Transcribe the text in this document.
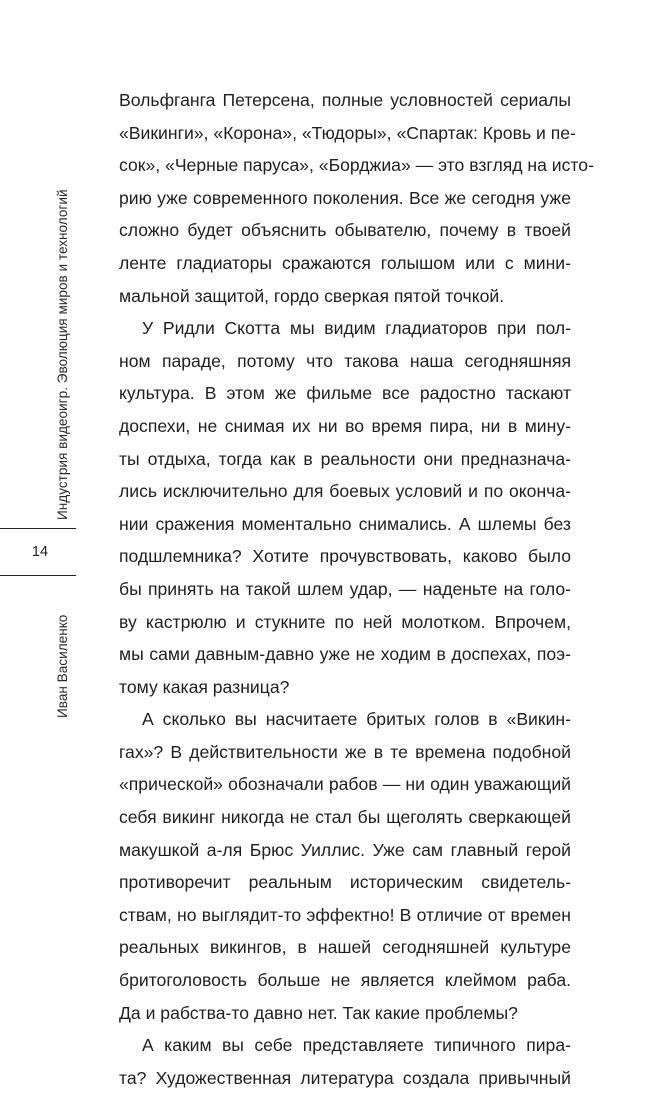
Индустрия видеоигр. Эволюция миров и технологий
14
Иван Василенко
Вольфганга Петерсена, полные условностей сериалы
«Викинги», «Корона», «Тюдоры», «Спартак: Кровь и пе-
сок», «Черные паруса», «Борджиа» — это взгляд на исто-
рию уже современного поколения. Все же сегодня уже
сложно будет объяснить обывателю, почему в твоей
ленте гладиаторы сражаются голышом или с мини-
мальной защитой, гордо сверкая пятой точкой.
У Ридли Скотта мы видим гладиаторов при пол-
ном параде, потому что такова наша сегодняшняя
культура. В этом же фильме все радостно таскают
доспехи, не снимая их ни во время пира, ни в мину-
ты отдыха, тогда как в реальности они предназнача-
лись исключительно для боевых условий и по оконча-
нии сражения моментально снимались. А шлемы без
подшлемника? Хотите прочувствовать, каково было
бы принять на такой шлем удар, — наденьте на голо-
ву кастрюлю и стукните по ней молотком. Впрочем,
мы сами давным-давно уже не ходим в доспехах, поэ-
тому какая разница?
А сколько вы насчитаете бритых голов в «Викин-
гах»? В действительности же в те времена подобной
«прической» обозначали рабов — ни один уважающий
себя викинг никогда не стал бы щеголять сверкающей
макушкой а-ля Брюс Уиллис. Уже сам главный герой
противоречит реальным историческим свидетель-
ствам, но выглядит-то эффектно! В отличие от времен
реальных викингов, в нашей сегодняшней культуре
бритоголовость больше не является клеймом раба.
Да и рабства-то давно нет. Так какие проблемы?
А каким вы себе представляете типичного пира-
та? Художественная литература создала привычный
